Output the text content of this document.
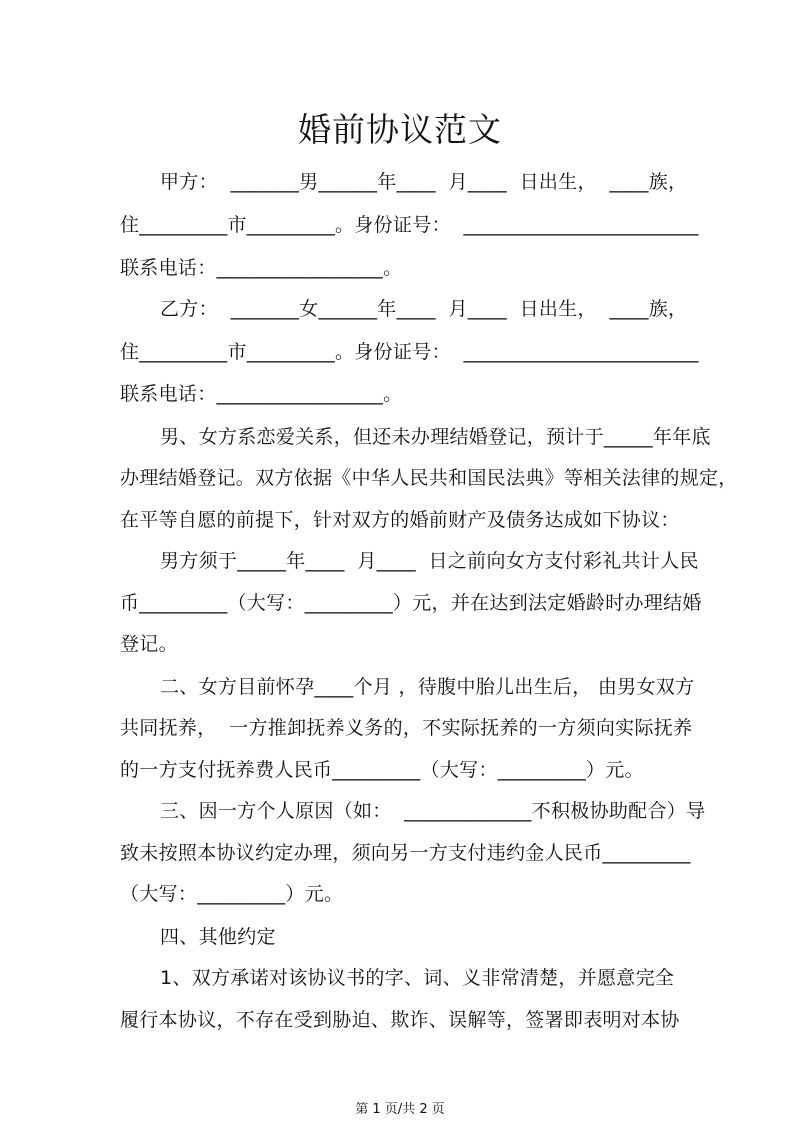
婚前协议范文
甲方：  _______男______年____  月____  日出生，  ____族，
住_________市_________。身份证号：  ________________________
联系电话：_________________。
乙方：  _______女______年____  月____  日出生，  ____族，
住_________市_________。身份证号：  ________________________
联系电话：_________________。
男、女方系恋爱关系，但还未办理结婚登记，预计于_____年年底
办理结婚登记。双方依据《中华人民共和国民法典》等相关法律的规定，
在平等自愿的前提下，针对双方的婚前财产及债务达成如下协议：
男方须于_____年____  月____  日之前向女方支付彩礼共计人民
币_________（大写：_________）元，并在达到法定婚龄时办理结婚
登记。
二、女方目前怀孕____个月 ，待腹中胎儿出生后， 由男女双方
共同抚养，  一方推卸抚养义务的，不实际抚养的一方须向实际抚养
的一方支付抚养费人民币_________（大写：_________）元。
三、因一方个人原因（如：  _____________不积极协助配合）导
致未按照本协议约定办理，须向另一方支付违约金人民币_________
（大写：_________）元。
四、其他约定
1、双方承诺对该协议书的字、词、义非常清楚，并愿意完全
履行本协议，不存在受到胁迫、欺诈、误解等，签署即表明对本协
第 1 页/共 2 页
